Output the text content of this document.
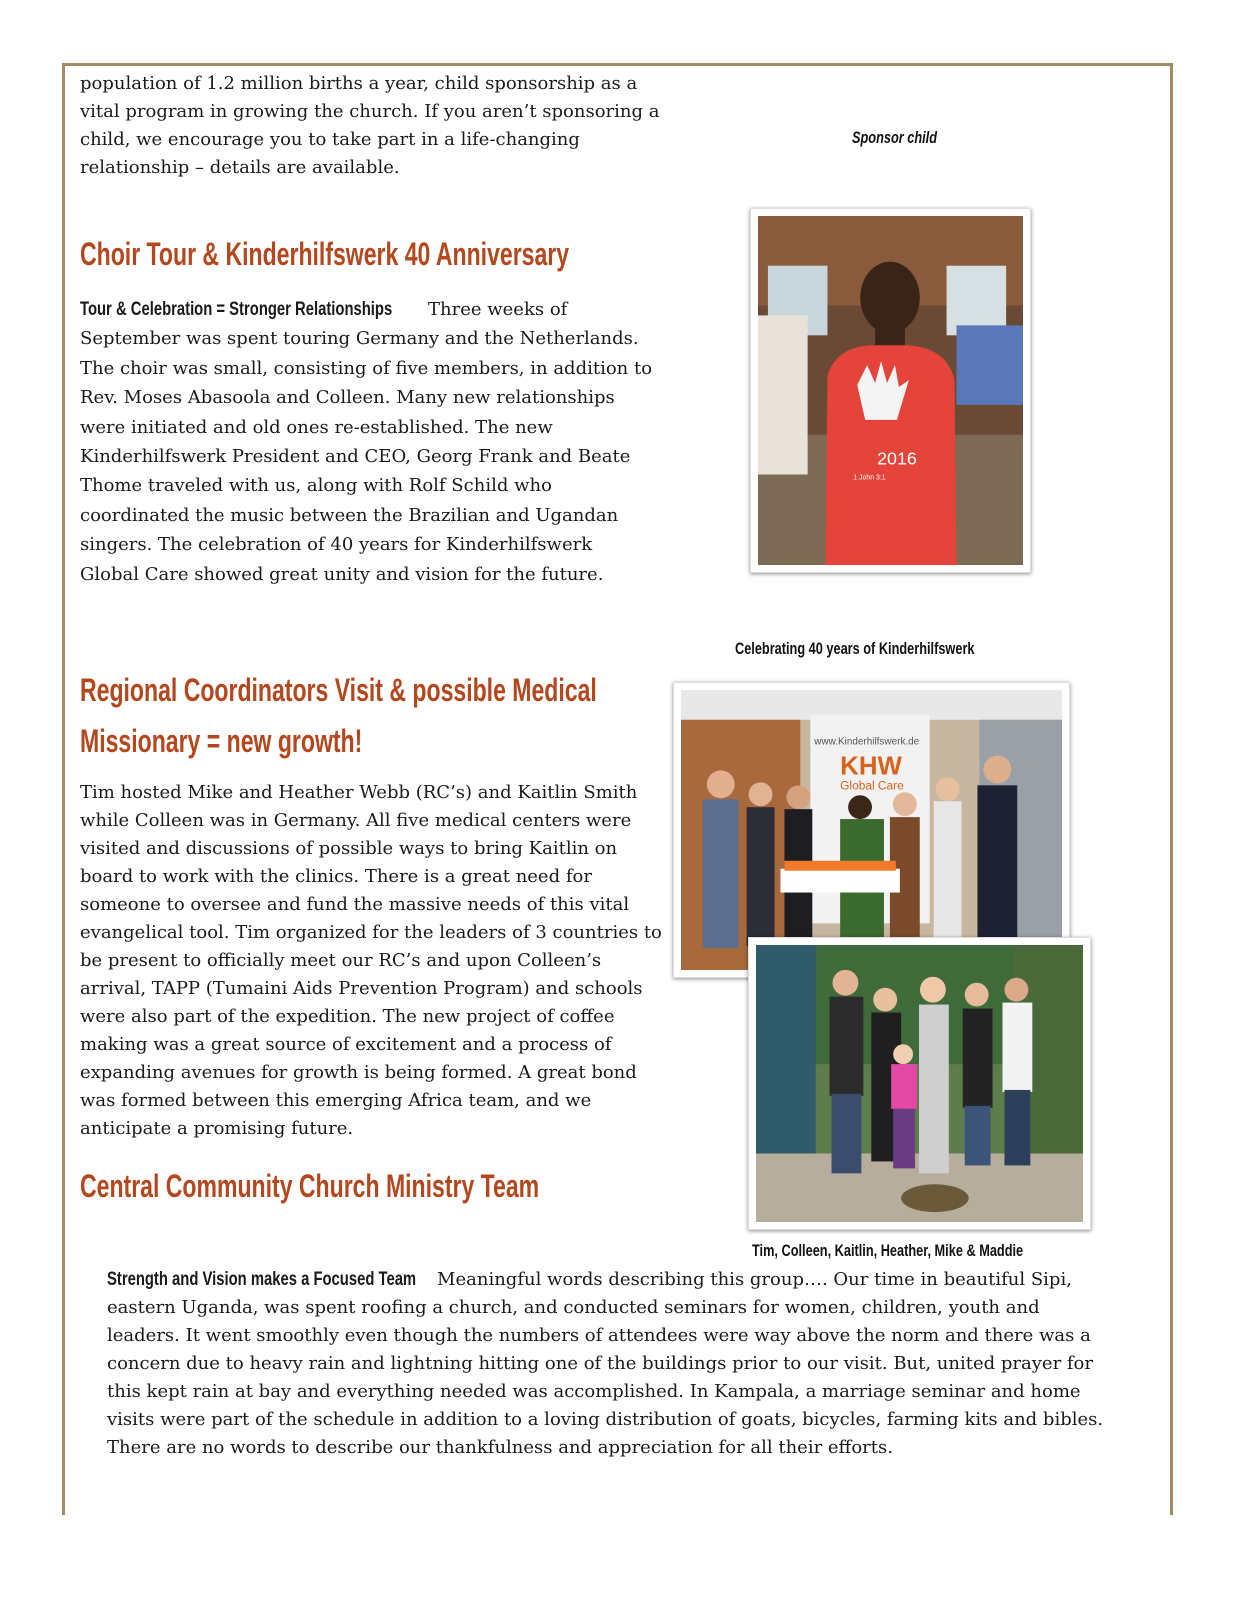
population of 1.2 million births a year, child sponsorship as a vital program in growing the church. If you aren’t sponsoring a child, we encourage you to take part in a life-changing relationship – details are available.

Sponsor child
Choir Tour & Kinderhilfswerk 40 Anniversary

Tour & Celebration = Stronger Relationships Three weeks of September was spent touring Germany and the Netherlands. The choir was small, consisting of five members, in addition to Rev. Moses Abasoola and Colleen. Many new relationships were initiated and old ones re-established. The new Kinderhilfswerk President and CEO, Georg Frank and Beate Thome traveled with us, along with Rolf Schild who coordinated the music between the Brazilian and Ugandan singers. The celebration of 40 years for Kinderhilfswerk Global Care showed great unity and vision for the future.

2016
1 John 3:1
Celebrating 40 years of Kinderhilfswerk
Regional Coordinators Visit & possible Medical
Missionary = new growth!

Tim hosted Mike and Heather Webb (RC’s) and Kaitlin Smith while Colleen was in Germany. All five medical centers were visited and discussions of possible ways to bring Kaitlin on board to work with the clinics. There is a great need for someone to oversee and fund the massive needs of this vital evangelical tool. Tim organized for the leaders of 3 countries to be present to officially meet our RC’s and upon Colleen’s arrival, TAPP (Tumaini Aids Prevention Program) and schools were also part of the expedition. The new project of coffee making was a great source of excitement and a process of expanding avenues for growth is being formed. A great bond was formed between this emerging Africa team, and we anticipate a promising future.

www.Kinderhilfswerk.de
KHW
Global Care
Tim, Colleen, Kaitlin, Heather, Mike & Maddie
Central Community Church Ministry Team

Strength and Vision makes a Focused Team Meaningful words describing this group…. Our time in beautiful Sipi, eastern Uganda, was spent roofing a church, and conducted seminars for women, children, youth and leaders. It went smoothly even though the numbers of attendees were way above the norm and there was a concern due to heavy rain and lightning hitting one of the buildings prior to our visit. But, united prayer for this kept rain at bay and everything needed was accomplished. In Kampala, a marriage seminar and home visits were part of the schedule in addition to a loving distribution of goats, bicycles, farming kits and bibles. There are no words to describe our thankfulness and appreciation for all their efforts.
